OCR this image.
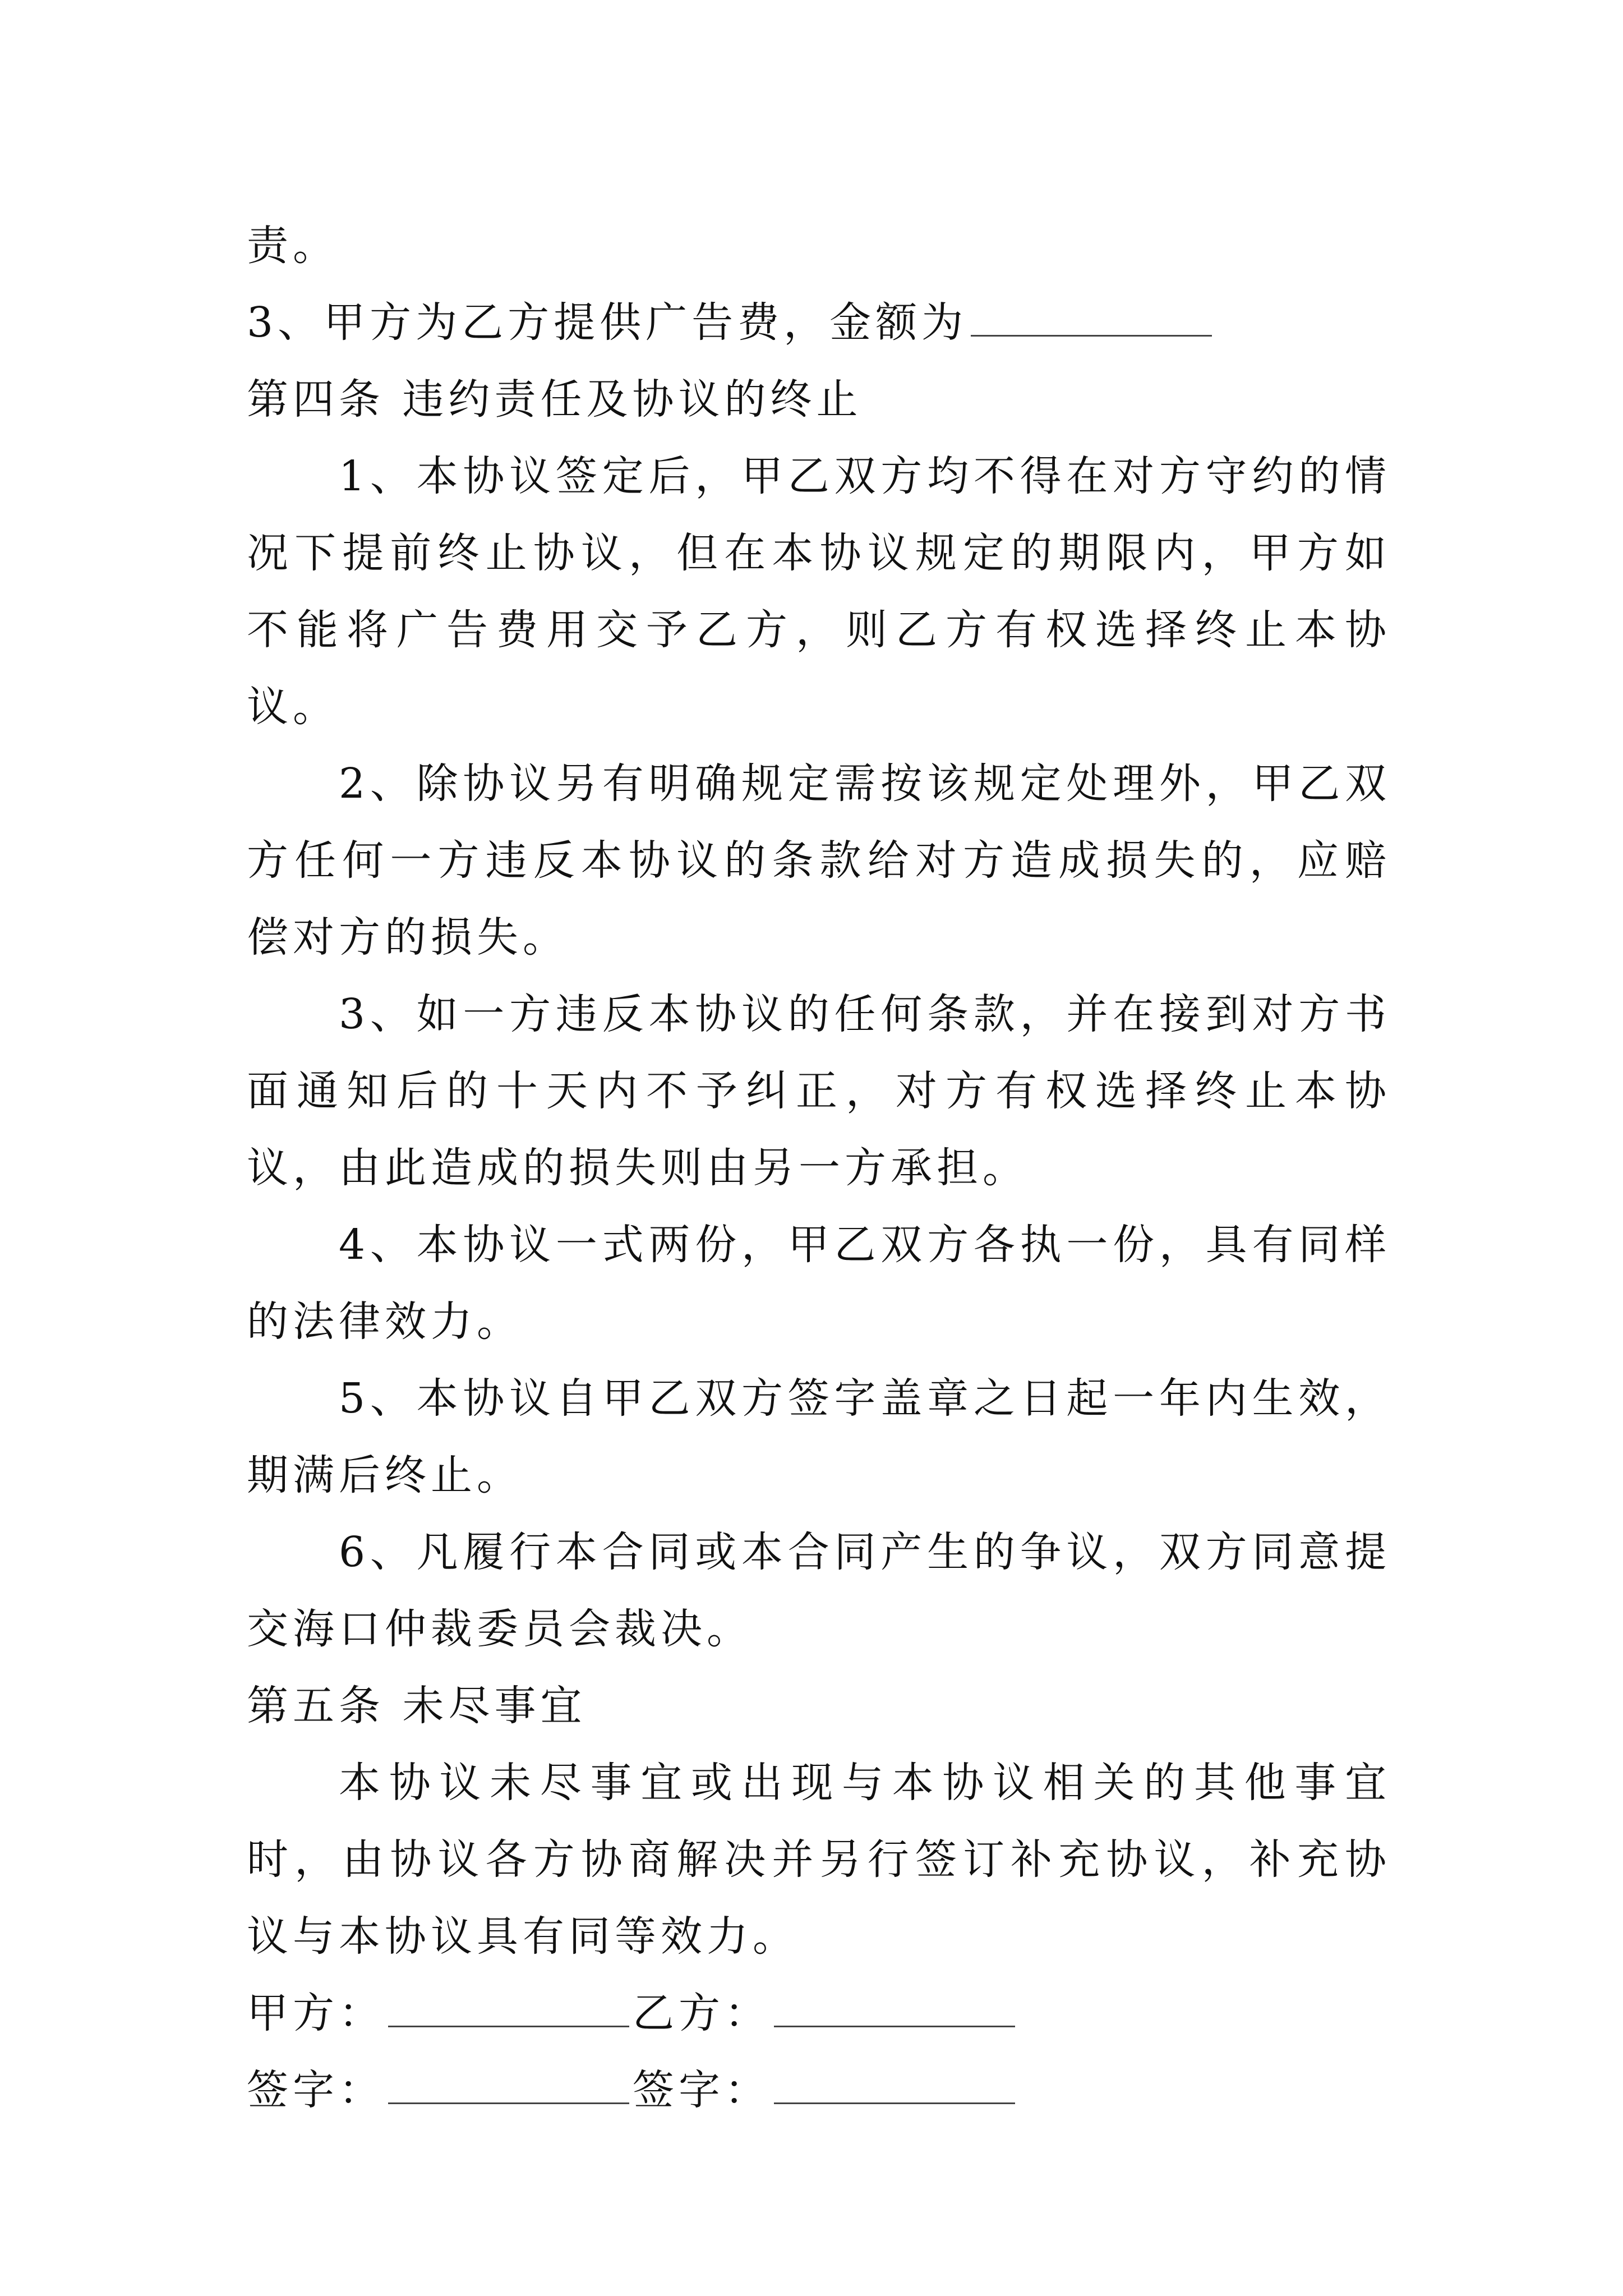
责。

3、甲方为乙方提供广告费，金额为

第四条 违约责任及协议的终止

1、本协议签定后，甲乙双方均不得在对方守约的情况下提前终止协议，但在本协议规定的期限内，甲方如不能将广告费用交予乙方，则乙方有权选择终止本协议。

2、除协议另有明确规定需按该规定处理外，甲乙双方任何一方违反本协议的条款给对方造成损失的，应赔偿对方的损失。

3、如一方违反本协议的任何条款，并在接到对方书面通知后的十天内不予纠正，对方有权选择终止本协议，由此造成的损失则由另一方承担。

4、本协议一式两份，甲乙双方各执一份，具有同样的法律效力。

5、本协议自甲乙双方签字盖章之日起一年内生效，期满后终止。

6、凡履行本合同或本合同产生的争议，双方同意提交海口仲裁委员会裁决。

第五条 未尽事宜

本协议未尽事宜或出现与本协议相关的其他事宜时，由协议各方协商解决并另行签订补充协议，补充协议与本协议具有同等效力。

甲方：	乙方：

签字：	签字：
